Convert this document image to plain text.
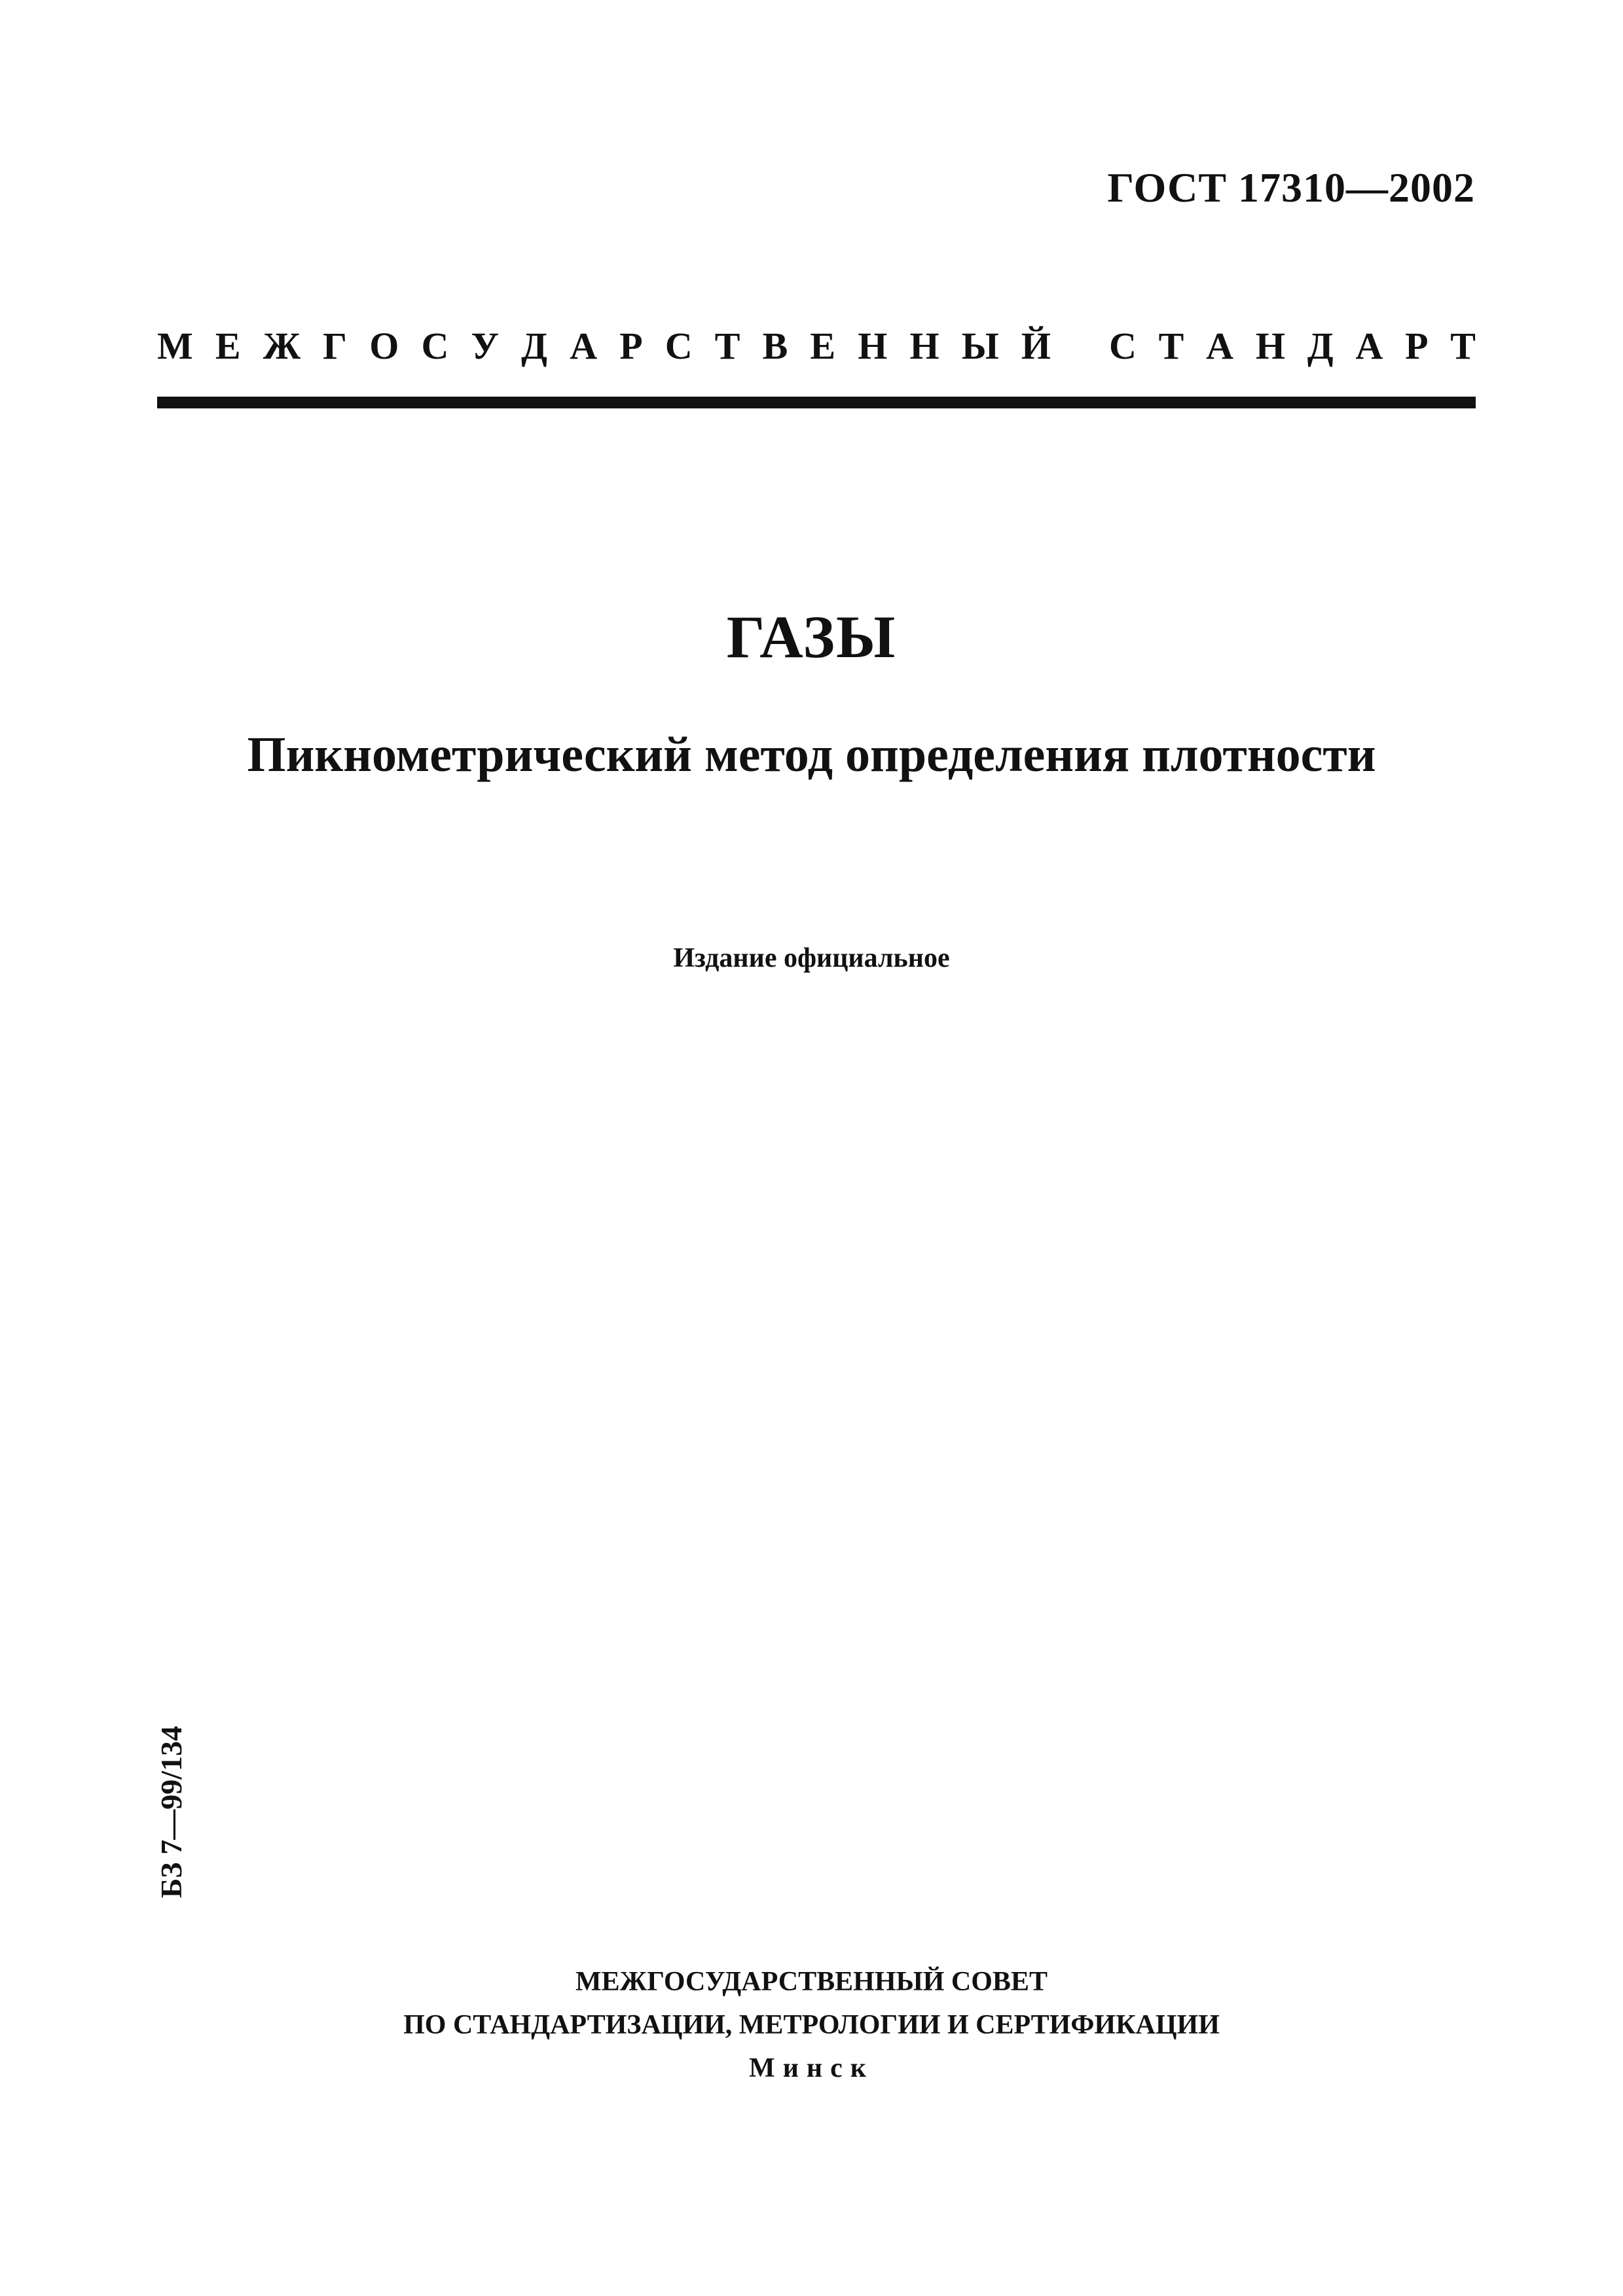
ГОСТ 17310—2002
М Е Ж Г О С У Д А Р С Т В Е Н Н Ы Й С Т А Н Д А Р Т
ГАЗЫ
Пикнометрический метод определения плотности
Издание официальное
БЗ 7—99/134
МЕЖГОСУДАРСТВЕННЫЙ СОВЕТ
ПО СТАНДАРТИЗАЦИИ, МЕТРОЛОГИИ И СЕРТИФИКАЦИИ
Минск
